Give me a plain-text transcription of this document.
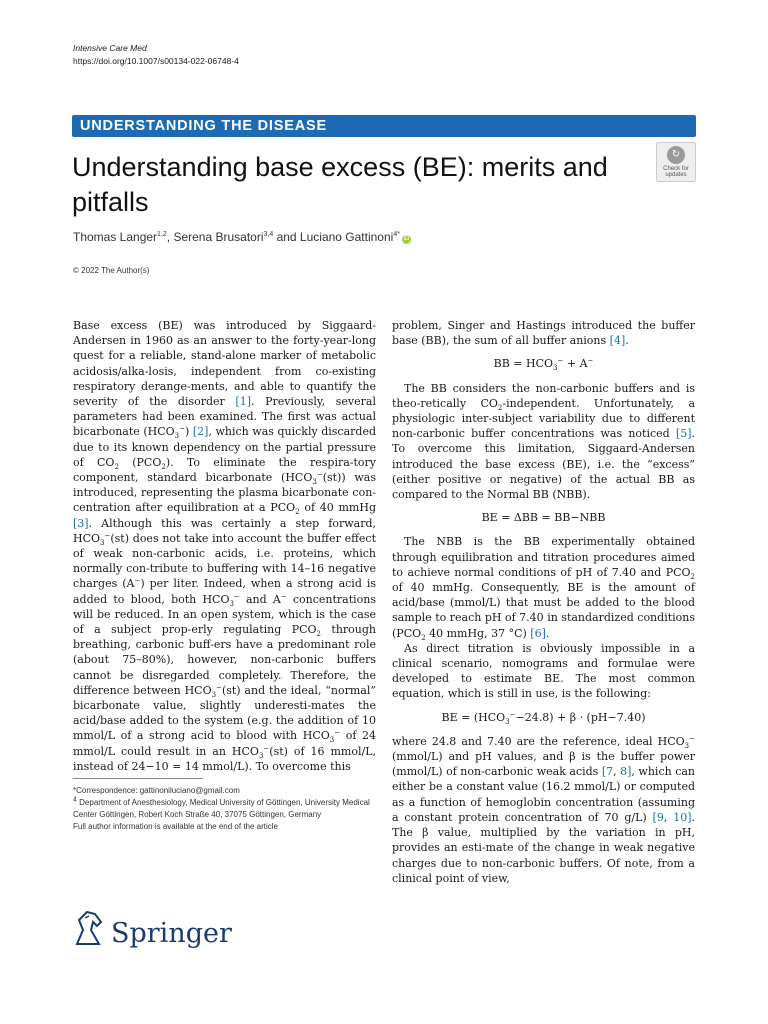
Intensive Care Med
https://doi.org/10.1007/s00134-022-06748-4
UNDERSTANDING THE DISEASE
Understanding base excess (BE): merits and pitfalls
↻
Check for updates
Thomas Langer$^{1,2}$, Serena Brusatori$^{3,4}$ and Luciano Gattinoni$^{4*}$iD
© 2022 The Author(s)

Base excess (BE) was introduced by Siggaard-Andersen in 1960 as an answer to the forty-year-long quest for a reliable, stand-alone marker of metabolic acidosis/alka-losis, independent from co-existing respiratory derange-ments, and able to quantify the severity of the disorder [1]. Previously, several parameters had been examined. The first was actual bicarbonate $(HCO_3^-)$ [2], which was quickly discarded due to its known dependency on the partial pressure of $CO_2$ $(PCO_2)$. To eliminate the respira-tory component, standard bicarbonate $(HCO_3^-(st))$ was introduced, representing the plasma bicarbonate con-centration after equilibration at a $PCO_2$ of 40 mmHg [3]. Although this was certainly a step forward, $HCO_3^-(st)$ does not take into account the buffer effect of weak non-carbonic acids, i.e. proteins, which normally con-tribute to buffering with 14–16 negative charges (A−) per liter. Indeed, when a strong acid is added to blood, both $HCO_3^-$ and A− concentrations will be reduced. In an open system, which is the case of a subject prop-erly regulating $PCO_2$ through breathing, carbonic buff-ers have a predominant role (about 75–80%), however, non-carbonic buffers cannot be disregarded completely. Therefore, the difference between $HCO_3^-(st)$ and the ideal, “normal” bicarbonate value, slightly underesti-mates the acid/base added to the system (e.g. the addition of 10 mmol/L of a strong acid to blood with $HCO_3^-$ of 24 mmol/L could result in an $HCO_3^-(st)$ of 16 mmol/L, instead of 24−10 = 14 mmol/L). To overcome this

problem, Singer and Hastings introduced the buffer base (BB), the sum of all buffer anions [4].

BB = $HCO_3^- + A^-$

The BB considers the non-carbonic buffers and is theo-retically $CO_2$-independent. Unfortunately, a physiologic inter-subject variability due to different non-carbonic buffer concentrations was noticed [5]. To overcome this limitation, Siggaard-Andersen introduced the base excess (BE), i.e. the “excess” (either positive or negative) of the actual BB as compared to the Normal BB (NBB).

BE = ΔBB = BB−NBB

The NBB is the BB experimentally obtained through equilibration and titration procedures aimed to achieve normal conditions of pH of 7.40 and $PCO_2$ of 40 mmHg. Consequently, BE is the amount of acid/base (mmol/L) that must be added to the blood sample to reach pH of 7.40 in standardized conditions ($PCO_2$ 40 mmHg, 37 °C) [6].

As direct titration is obviously impossible in a clinical scenario, nomograms and formulae were developed to estimate BE. The most common equation, which is still in use, is the following:

BE = $(HCO_3^--24.8) + \beta \cdot (pH-7.40)$

where 24.8 and 7.40 are the reference, ideal $HCO_3^-$ (mmol/L) and pH values, and β is the buffer power (mmol/L) of non-carbonic weak acids [7, 8], which can either be a constant value (16.2 mmol/L) or computed as a function of hemoglobin concentration (assuming a constant protein concentration of 70 g/L) [9, 10]. The β value, multiplied by the variation in pH, provides an esti-mate of the change in weak negative charges due to non-carbonic buffers. Of note, from a clinical point of view,

*Correspondence: gattinoniluciano@gmail.com
$^4$ Department of Anesthesiology, Medical University of Göttingen, University Medical Center Göttingen, Robert Koch Straße 40, 37075 Göttingen, Germany
Full author information is available at the end of the article
Springer
